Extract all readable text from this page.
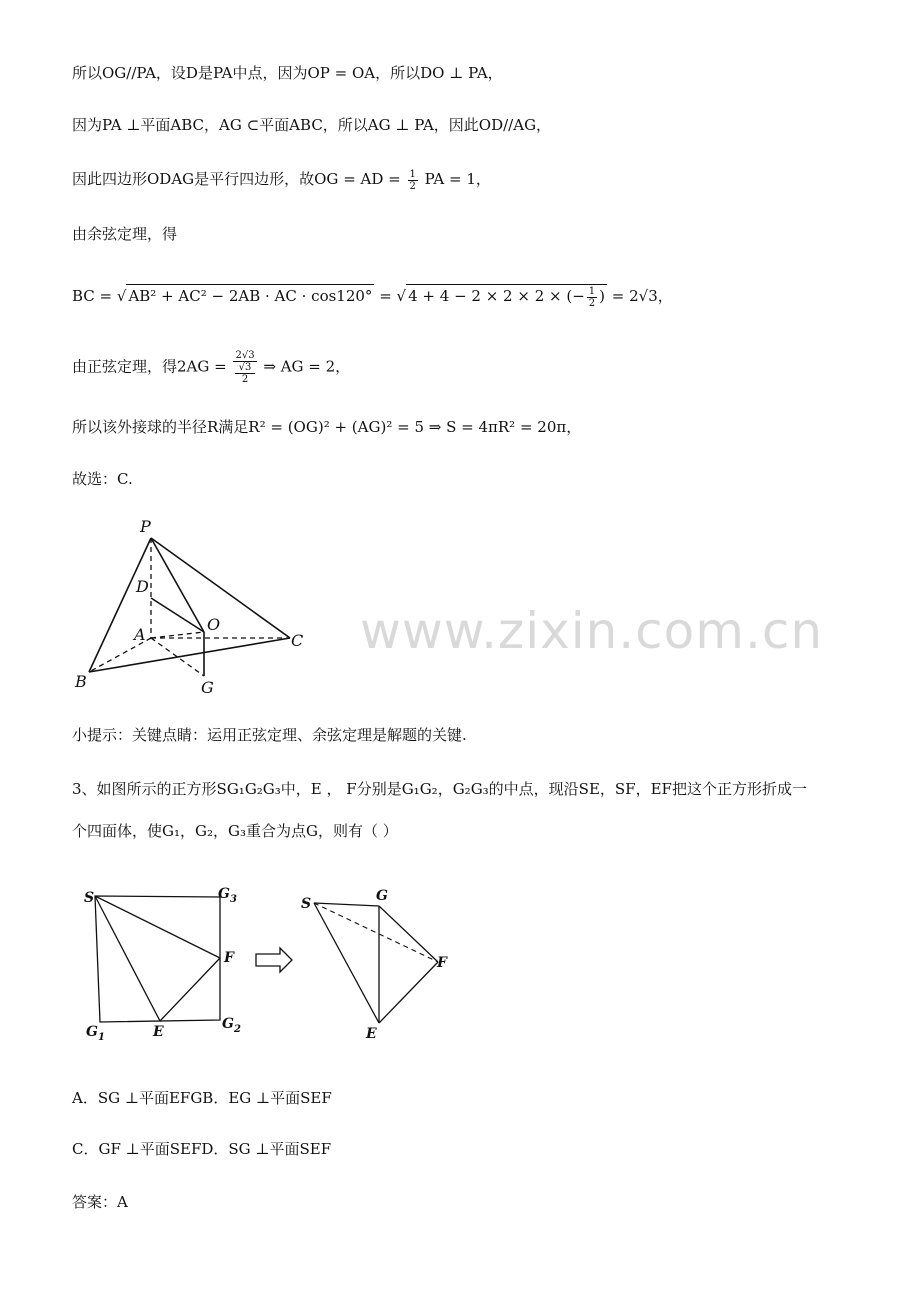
所以OG//PA，设D是PA中点，因为OP = OA，所以DO ⊥ PA，
因为PA ⊥平面ABC，AG ⊂平面ABC，所以AG ⊥ PA，因此OD//AG，
因此四边形ODAG是平行四边形，故OG = AD = $\frac{1}{2}$ PA = 1，
由余弦定理，得
BC = √ AB² + AC² − 2AB · AC · cos120° = √ 4 + 4 − 2 × 2 × 2 × (− $\frac{1}{2}$ ) = 2√3，
由正弦定理，得2AG = 2√3
√3
2 ⇒ AG = 2，
所以该外接球的半径R满足R² = (OG)² + (AG)² = 5 ⇒ S = 4πR² = 20π，
故选：C.
www.zixin.com.cn
P
D
O
A	C
B	G
小提示：关键点睛：运用正弦定理、余弦定理是解题的关键.
3、如图所示的正方形SG₁G₂G₃中，E ， F分别是G₁G₂，G₂G₃的中点，现沿SE，SF，EF把这个正方形折成一
个四面体，使G₁，G₂，G₃重合为点G，则有（ ）
S	$G_3$
F
$G_1$	E	$G_2$
S	G
F
E
A．SG ⊥平面EFGB．EG ⊥平面SEF
C．GF ⊥平面SEFD．SG ⊥平面SEF
答案：A
